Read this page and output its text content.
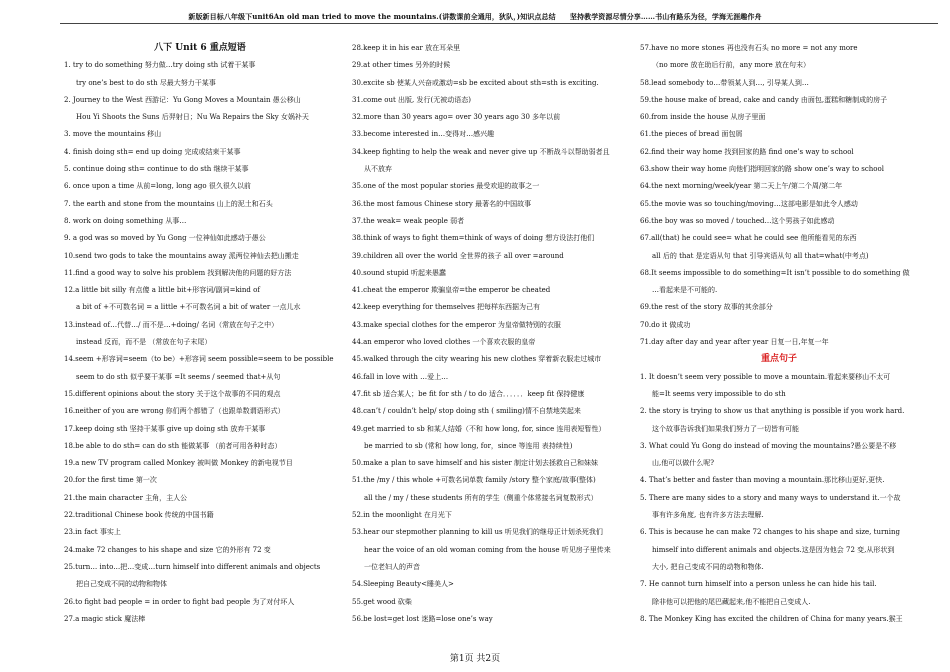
新版新目标八年级下unit6An old man tried to move the mountains.(讲数课前全通用，狄队，)知识点总结　　坚持教学资源尽情分享……书山有路乐为径，学海无涯趣作舟
八下 Unit 6 重点短语
1. try to do something 努力做…try doing sth 试着干某事
try one’s best to do sth 尽最大努力干某事
2. Journey to the West 西游记：Yu Gong Moves a Mountain 愚公移山
Hou Yi Shoots the Suns 后羿射日；Nu Wa Repairs the Sky 女娲补天
3. move the mountains 移山
4. finish doing sth= end up doing 完成或结束干某事
5. continue doing sth= continue to do sth 继续干某事
6. once upon a time 从前=long, long ago 很久很久以前
7. the earth and stone from the mountains 山上的泥土和石头
8. work on doing something 从事…
9. a god was so moved by Yu Gong 一位神仙如此感动于愚公
10.send two gods to take the mountains away 派两位神仙去把山搬走
11.find a good way to solve his problem 找到解决他的问题的好方法
12.a little bit silly 有点傻 a little bit+形容词/副词=kind of
a bit of +不可数名词 = a little +不可数名词 a bit of water 一点儿水
13.instead of…代替…/ 而不是…+doing/ 名词（常放在句子之中）
instead 反而，而不是 （常放在句子末尾）
14.seem +形容词=seem（to be）+形容词 seem possible=seem to be possible
seem to do sth 似乎要干某事 =It seems / seemed that+从句
15.different opinions about the story 关于这个故事的不同的观点
16.neither of you are wrong 你们两个都错了（也跟单数谓语形式）
17.keep doing sth 坚持干某事 give up doing sth 放弃干某事
18.be able to do sth= can do sth 能做某事 （前者可用各种时态）
19.a new TV program called Monkey 被叫做 Monkey 的新电视节目
20.for the first time 第一次
21.the main character 主角，主人公
22.traditional Chinese book 传统的中国书籍
23.in fact 事实上
24.make 72 changes to his shape and size 它的外形有 72 变
25.turn… into…把…变成…turn himself into different animals and objects
把自己变成不同的动物和物体
26.to fight bad people = in order to fight bad people 为了对付坏人
27.a magic stick 魔法棒
28.keep it in his ear 放在耳朵里
29.at other times 另外的时候
30.excite sb 使某人兴奋或激动=sb be excited about sth=sth is exciting.
31.come out 出版, 发行(无被动语态)
32.more than 30 years ago= over 30 years ago 30 多年以前
33.become interested in…变得对…感兴趣
34.keep fighting to help the weak and never give up 不断战斗以帮助弱者且
从不放弃
35.one of the most popular stories 最受欢迎的故事之一
36.the most famous Chinese story 最著名的中国故事
37.the weak= weak people 弱者
38.think of ways to fight them=think of ways of doing 想方设法打他们
39.children all over the world 全世界的孩子 all over =around
40.sound stupid 听起来愚蠢
41.cheat the emperor 欺骗皇帝=the emperor be cheated
42.keep everything for themselves 把每样东西据为己有
43.make special clothes for the emperor 为皇帝做特别的衣服
44.an emperor who loved clothes 一个喜欢衣服的皇帝
45.walked through the city wearing his new clothes 穿着新衣服走过城市
46.fall in love with …爱上…
47.fit sb 适合某人；be fit for sth / to do 适合．．．．．．keep fit 保持健康
48.can’t / couldn’t help/ stop doing sth ( smiling)情不自禁地笑起来
49.get married to sb 和某人结婚（不和 how long, for, since 连用表短暂性）
be married to sb (常和 how long, for，since 等连用 表持续性)
50.make a plan to save himself and his sister 制定计划去拯救自己和妹妹
51.the /my / this whole +可数名词单数 family /story 整个家庭/故事(整体)
all the / my / these students 所有的学生（侧重个体常接名词复数形式）
52.in the moonlight 在月光下
53.hear our stepmother planning to kill us 听见我们的继母正计划杀死我们
hear the voice of an old woman coming from the house 听见房子里传来
一位老妇人的声音
54.Sleeping Beauty<睡美人>
55.get wood 砍柴
56.be lost=get lost 迷路=lose one’s way
57.have no more stones 再也没有石头 no more = not any more
（no more 放在助后行前，any more 放在句末）
58.lead somebody to…带领某人到…, 引导某人到…
59.the house make of bread, cake and candy 由面包,蛋糕和糖制成的房子
60.from inside the house 从房子里面
61.the pieces of bread 面包屑
62.find their way home 找到回家的路 find one’s way to school
63.show their way home 向他们指明回家的路 show one’s way to school
64.the next morning/week/year 第二天上午/第二个周/第二年
65.the movie was so touching/moving…这部电影是如此令人感动
66.the boy was so moved / touched…这个男孩子如此感动
67.all(that) he could see= what he could see 他所能看见的东西
all 后的 that 是定语从句 that 引导宾语从句 all that=what(中考点)
68.It seems impossible to do something=It isn’t possible to do something 做
…看起来是不可能的.
69.the rest of the story 故事的其余部分
70.do it 做成功
71.day after day and year after year 日复一日,年复一年
重点句子
1. It doesn’t seem very possible to move a mountain.看起来要移山不太可
能=It seems very impossible to do sth
2. the story is trying to show us that anything is possible if you work hard.
这个故事告诉我们如果我们努力了一切皆有可能
3. What could Yu Gong do instead of moving the mountains?愚公要是不移
山,他可以做什么呢?
4. That’s better and faster than moving a mountain.那比移山更好,更快.
5. There are many sides to a story and many ways to understand it.一个故
事有许多角度, 也有许多方法去理解.
6. This is because he can make 72 changes to his shape and size, turning
himself into different animals and objects.这是因为他会 72 变,从形状到
大小, 把自己变成不同的动物和物体.
7. He cannot turn himself into a person unless he can hide his tail.
除非他可以把他的尾巴藏起来,他不能把自己变成人.
8. The Monkey King has excited the children of China for many years.猴王
第1页 共2页
